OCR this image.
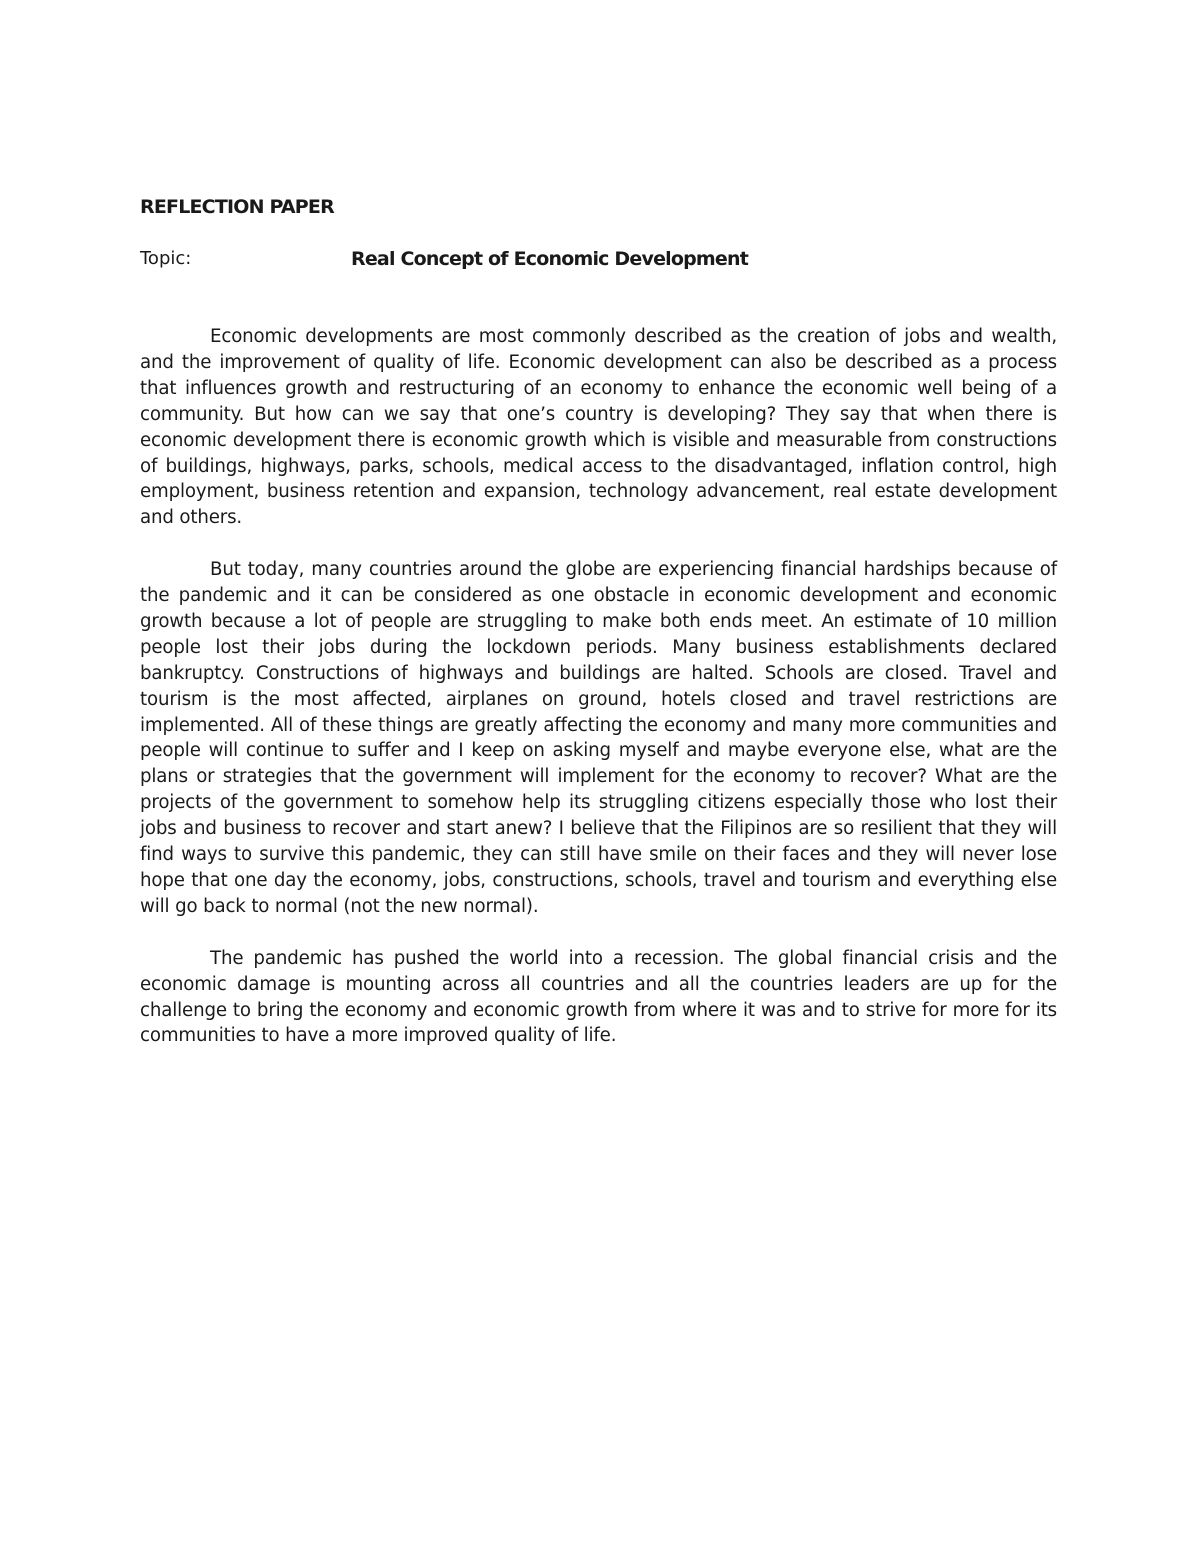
REFLECTION PAPER
Topic:	Real Concept of Economic Development

Economic developments are most commonly described as the creation of jobs and wealth, and the improvement of quality of life. Economic development can also be described as a process that influences growth and restructuring of an economy to enhance the economic well being of a community. But how can we say that one’s country is developing? They say that when there is economic development there is economic growth which is visible and measurable from constructions of buildings, highways, parks, schools, medical access to the disadvantaged, inflation control, high employment, business retention and expansion, technology advancement, real estate development and others.

But today, many countries around the globe are experiencing financial hardships because of the pandemic and it can be considered as one obstacle in economic development and economic growth because a lot of people are struggling to make both ends meet. An estimate of 10 million people lost their jobs during the lockdown periods. Many business establishments declared bankruptcy. Constructions of highways and buildings are halted. Schools are closed. Travel and tourism is the most affected, airplanes on ground, hotels closed and travel restrictions are implemented. All of these things are greatly affecting the economy and many more communities and people will continue to suffer and I keep on asking myself and maybe everyone else, what are the plans or strategies that the government will implement for the economy to recover? What are the projects of the government to somehow help its struggling citizens especially those who lost their jobs and business to recover and start anew? I believe that the Filipinos are so resilient that they will find ways to survive this pandemic, they can still have smile on their faces and they will never lose hope that one day the economy, jobs, constructions, schools, travel and tourism and everything else will go back to normal (not the new normal).

The pandemic has pushed the world into a recession. The global financial crisis and the economic damage is mounting across all countries and all the countries leaders are up for the challenge to bring the economy and economic growth from where it was and to strive for more for its communities to have a more improved quality of life.
